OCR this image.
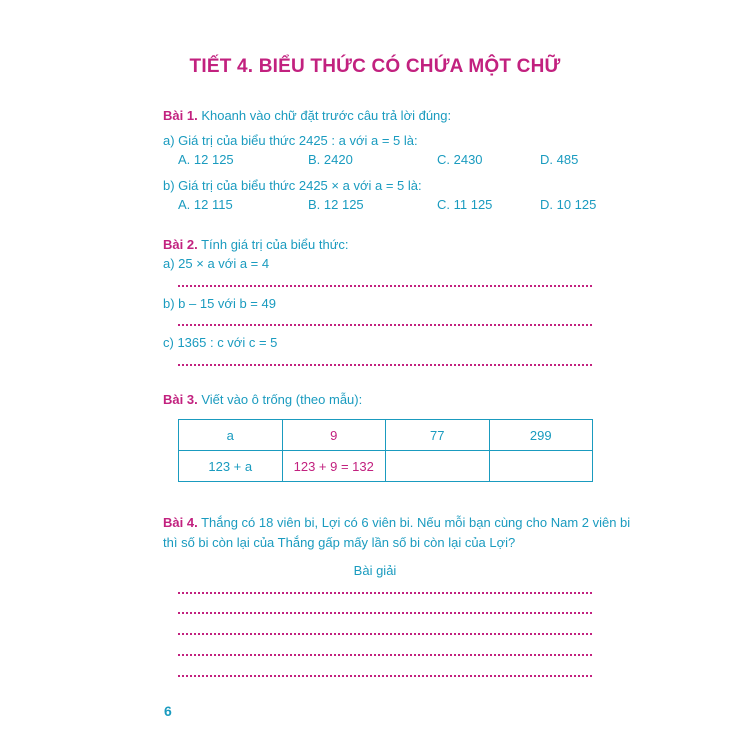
TIẾT 4. BIỂU THỨC CÓ CHỨA MỘT CHỮ
Bài 1. Khoanh vào chữ đặt trước câu trả lời đúng:
a) Giá trị của biểu thức 2425 : a với a = 5 là:
A. 12 125	B. 2420	C. 2430	D. 485
b) Giá trị của biểu thức 2425 × a với a = 5 là:
A. 12 115	B. 12 125	C. 11 125	D. 10 125
Bài 2. Tính giá trị của biểu thức:
a) 25 × a với a = 4
b) b – 15 với b = 49
c) 1365 : c với c = 5
Bài 3. Viết vào ô trống (theo mẫu):
a	9	77	299
123 + a	123 + 9 = 132		
Bài 4. Thắng có 18 viên bi, Lợi có 6 viên bi. Nếu mỗi bạn cùng cho Nam 2 viên bi
thì số bi còn lại của Thắng gấp mấy lần số bi còn lại của Lợi?
Bài giải
6
